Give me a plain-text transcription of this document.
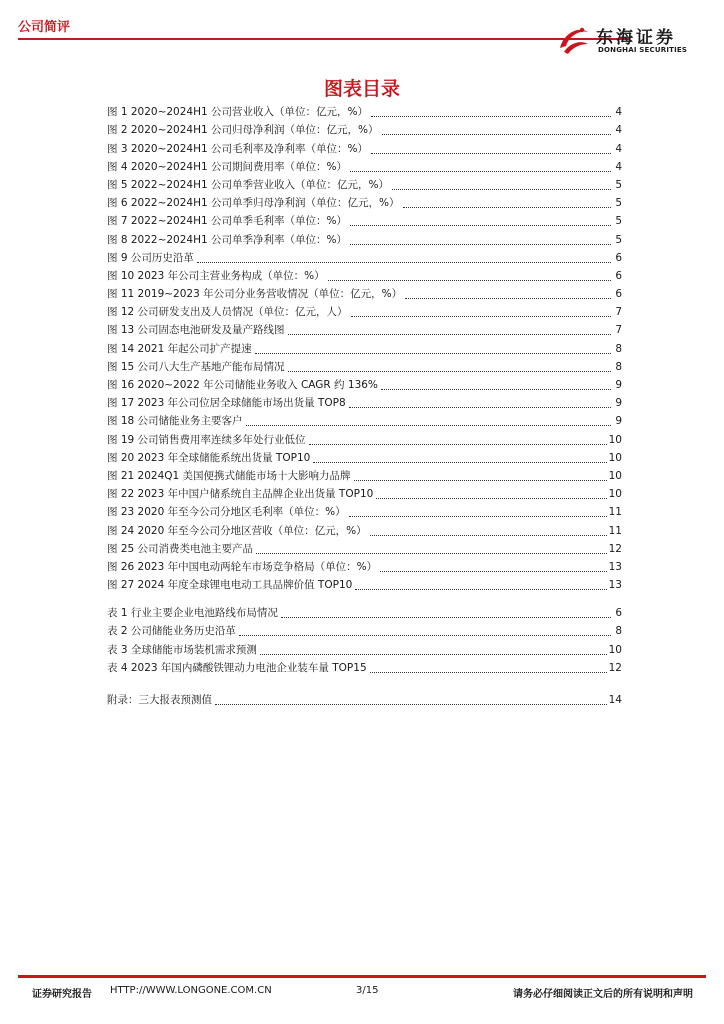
公司简评
东海证券
DONGHAI SECURITIES
图表目录
图 1 2020~2024H1 公司营业收入（单位：亿元，%）	4
图 2 2020~2024H1 公司归母净利润（单位：亿元，%）	4
图 3 2020~2024H1 公司毛利率及净利率（单位：%）	4
图 4 2020~2024H1 公司期间费用率（单位：%）	4
图 5 2022~2024H1 公司单季营业收入（单位：亿元，%）	5
图 6 2022~2024H1 公司单季归母净利润（单位：亿元，%）	5
图 7 2022~2024H1 公司单季毛利率（单位：%）	5
图 8 2022~2024H1 公司单季净利率（单位：%）	5
图 9 公司历史沿革	6
图 10 2023 年公司主营业务构成（单位：%）	6
图 11 2019~2023 年公司分业务营收情况（单位：亿元，%）	6
图 12 公司研发支出及人员情况（单位：亿元，人）	7
图 13 公司固态电池研发及量产路线图	7
图 14 2021 年起公司扩产提速	8
图 15 公司八大生产基地产能布局情况	8
图 16 2020~2022 年公司储能业务收入 CAGR 约 136%	9
图 17 2023 年公司位居全球储能市场出货量 TOP8	9
图 18 公司储能业务主要客户	9
图 19 公司销售费用率连续多年处行业低位	10
图 20 2023 年全球储能系统出货量 TOP10	10
图 21 2024Q1 美国便携式储能市场十大影响力品牌	10
图 22 2023 年中国户储系统自主品牌企业出货量 TOP10	10
图 23 2020 年至今公司分地区毛利率（单位：%）	11
图 24 2020 年至今公司分地区营收（单位：亿元，%）	11
图 25 公司消费类电池主要产品	12
图 26 2023 年中国电动两轮车市场竞争格局（单位：%）	13
图 27 2024 年度全球锂电电动工具品牌价值 TOP10	13
表 1 行业主要企业电池路线布局情况	6
表 2 公司储能业务历史沿革	8
表 3 全球储能市场装机需求预测	10
表 4 2023 年国内磷酸铁锂动力电池企业装车量 TOP15	12
附录：三大报表预测值	14
证券研究报告 HTTP://WWW.LONGONE.COM.CN	3/15	请务必仔细阅读正文后的所有说明和声明
